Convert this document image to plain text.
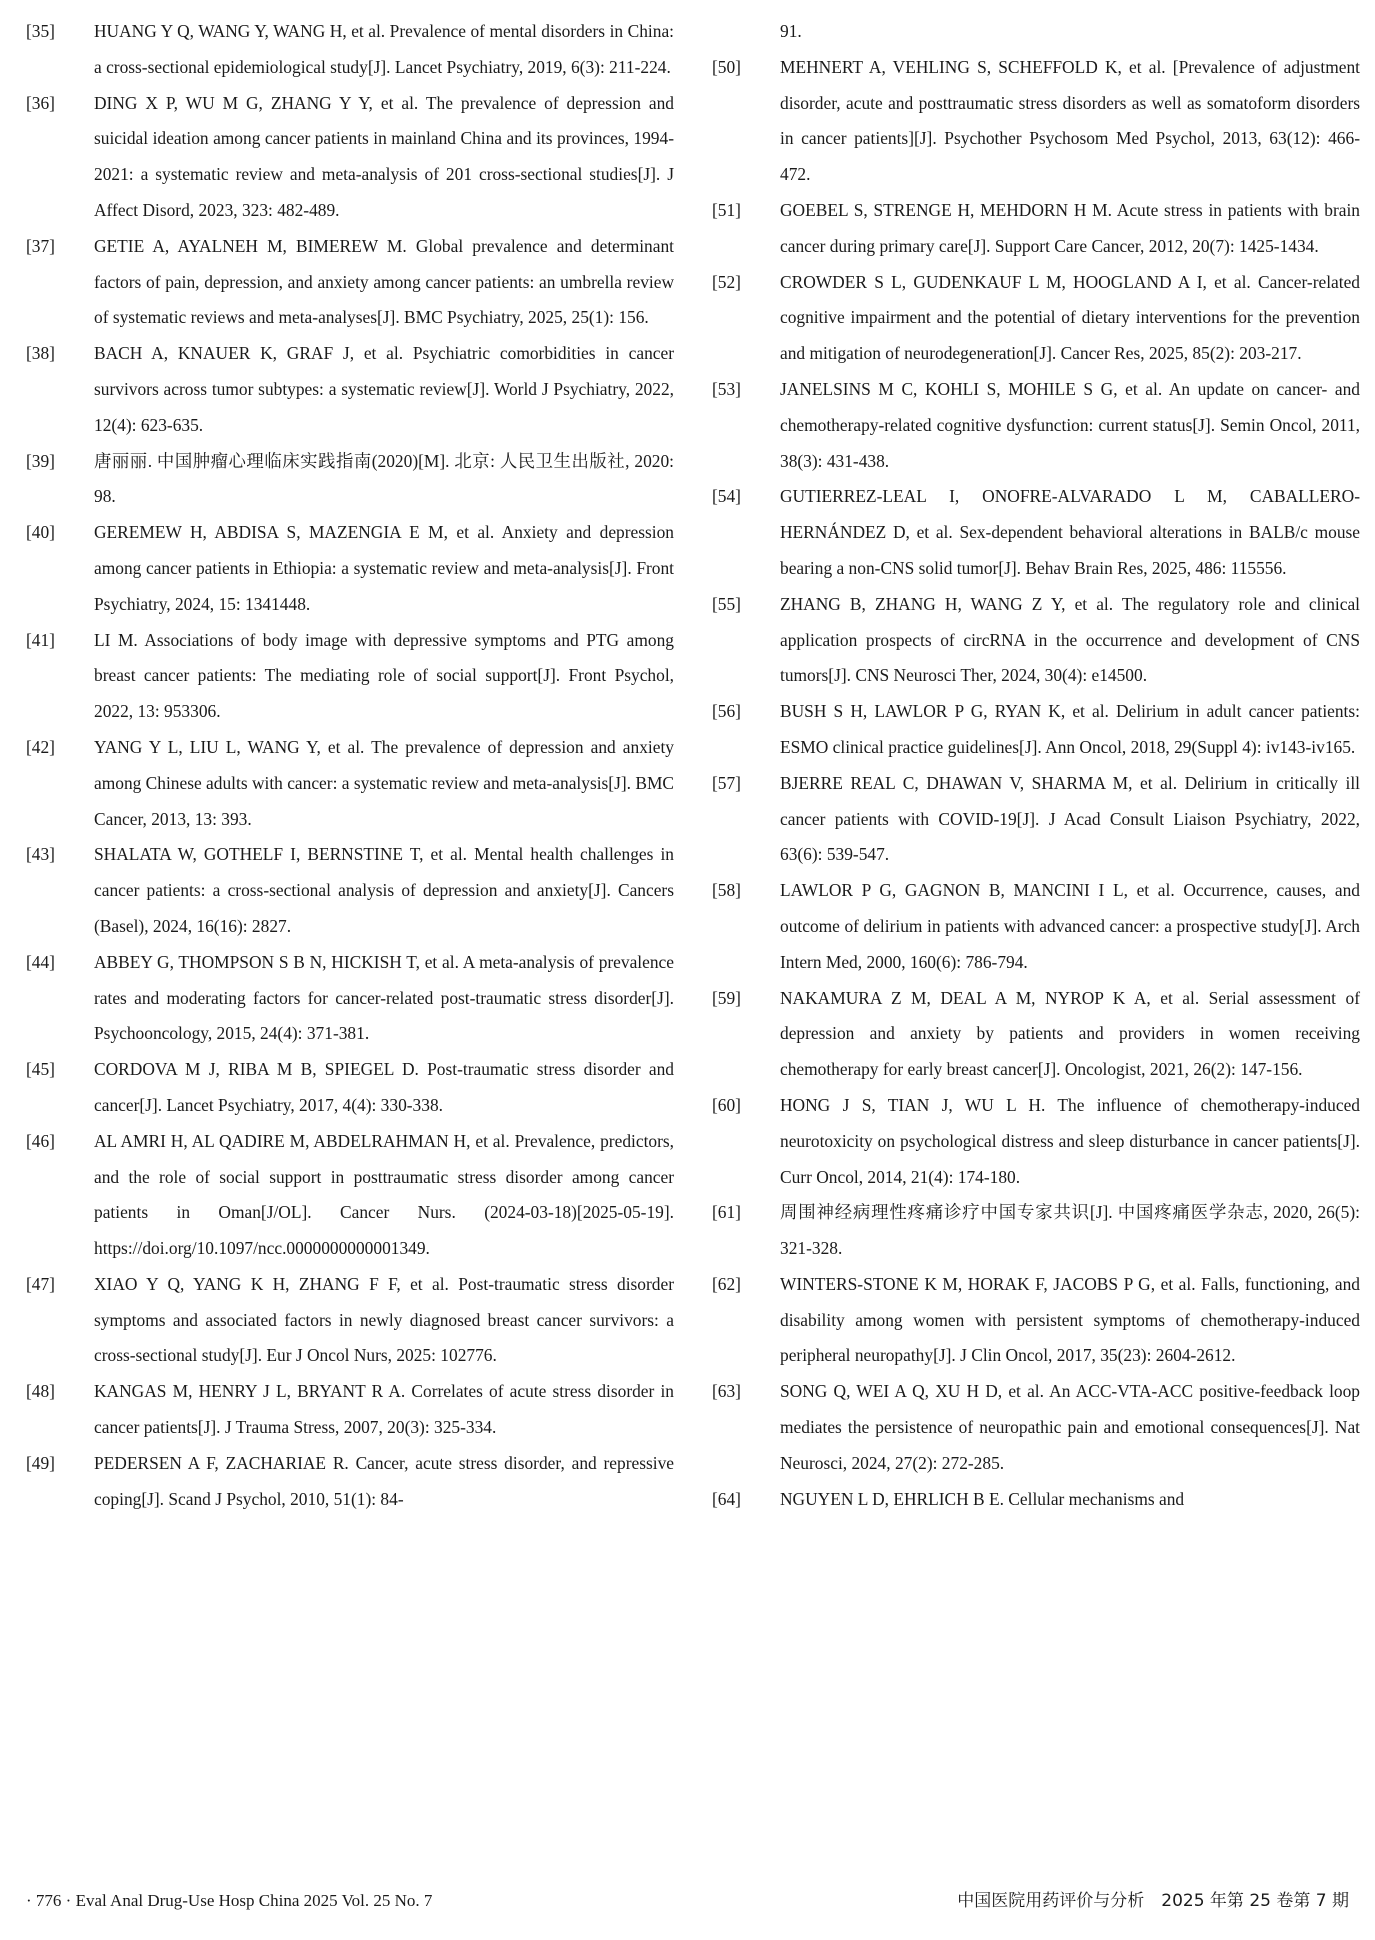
[35] HUANG Y Q, WANG Y, WANG H, et al. Prevalence of mental disorders in China: a cross-sectional epidemiological study[J]. Lancet Psychiatry, 2019, 6(3): 211-224.

[36] DING X P, WU M G, ZHANG Y Y, et al. The prevalence of depression and suicidal ideation among cancer patients in mainland China and its provinces, 1994-2021: a systematic review and meta-analysis of 201 cross-sectional studies[J]. J Affect Disord, 2023, 323: 482-489.

[37] GETIE A, AYALNEH M, BIMEREW M. Global prevalence and determinant factors of pain, depression, and anxiety among cancer patients: an umbrella review of systematic reviews and meta-analyses[J]. BMC Psychiatry, 2025, 25(1): 156.

[38] BACH A, KNAUER K, GRAF J, et al. Psychiatric comorbidities in cancer survivors across tumor subtypes: a systematic review[J]. World J Psychiatry, 2022, 12(4): 623-635.

[39] 唐丽丽. 中国肿瘤心理临床实践指南(2020)[M]. 北京: 人民卫生出版社, 2020: 98.

[40] GEREMEW H, ABDISA S, MAZENGIA E M, et al. Anxiety and depression among cancer patients in Ethiopia: a systematic review and meta-analysis[J]. Front Psychiatry, 2024, 15: 1341448.

[41] LI M. Associations of body image with depressive symptoms and PTG among breast cancer patients: The mediating role of social support[J]. Front Psychol, 2022, 13: 953306.

[42] YANG Y L, LIU L, WANG Y, et al. The prevalence of depression and anxiety among Chinese adults with cancer: a systematic review and meta-analysis[J]. BMC Cancer, 2013, 13: 393.

[43] SHALATA W, GOTHELF I, BERNSTINE T, et al. Mental health challenges in cancer patients: a cross-sectional analysis of depression and anxiety[J]. Cancers (Basel), 2024, 16(16): 2827.

[44] ABBEY G, THOMPSON S B N, HICKISH T, et al. A meta-analysis of prevalence rates and moderating factors for cancer-related post-traumatic stress disorder[J]. Psychooncology, 2015, 24(4): 371-381.

[45] CORDOVA M J, RIBA M B, SPIEGEL D. Post-traumatic stress disorder and cancer[J]. Lancet Psychiatry, 2017, 4(4): 330-338.

[46] AL AMRI H, AL QADIRE M, ABDELRAHMAN H, et al. Prevalence, predictors, and the role of social support in posttraumatic stress disorder among cancer patients in Oman[J/OL]. Cancer Nurs. (2024-03-18)[2025-05-19]. https://doi.org/10.1097/ncc.0000000000001349.

[47] XIAO Y Q, YANG K H, ZHANG F F, et al. Post-traumatic stress disorder symptoms and associated factors in newly diagnosed breast cancer survivors: a cross-sectional study[J]. Eur J Oncol Nurs, 2025: 102776.

[48] KANGAS M, HENRY J L, BRYANT R A. Correlates of acute stress disorder in cancer patients[J]. J Trauma Stress, 2007, 20(3): 325-334.

[49] PEDERSEN A F, ZACHARIAE R. Cancer, acute stress disorder, and repressive coping[J]. Scand J Psychol, 2010, 51(1): 84-

91.

[50] MEHNERT A, VEHLING S, SCHEFFOLD K, et al. [Prevalence of adjustment disorder, acute and posttraumatic stress disorders as well as somatoform disorders in cancer patients][J]. Psychother Psychosom Med Psychol, 2013, 63(12): 466-472.

[51] GOEBEL S, STRENGE H, MEHDORN H M. Acute stress in patients with brain cancer during primary care[J]. Support Care Cancer, 2012, 20(7): 1425-1434.

[52] CROWDER S L, GUDENKAUF L M, HOOGLAND A I, et al. Cancer-related cognitive impairment and the potential of dietary interventions for the prevention and mitigation of neurodegeneration[J]. Cancer Res, 2025, 85(2): 203-217.

[53] JANELSINS M C, KOHLI S, MOHILE S G, et al. An update on cancer- and chemotherapy-related cognitive dysfunction: current status[J]. Semin Oncol, 2011, 38(3): 431-438.

[54] GUTIERREZ-LEAL I, ONOFRE-ALVARADO L M, CABALLERO-HERNÁNDEZ D, et al. Sex-dependent behavioral alterations in BALB/c mouse bearing a non-CNS solid tumor[J]. Behav Brain Res, 2025, 486: 115556.

[55] ZHANG B, ZHANG H, WANG Z Y, et al. The regulatory role and clinical application prospects of circRNA in the occurrence and development of CNS tumors[J]. CNS Neurosci Ther, 2024, 30(4): e14500.

[56] BUSH S H, LAWLOR P G, RYAN K, et al. Delirium in adult cancer patients: ESMO clinical practice guidelines[J]. Ann Oncol, 2018, 29(Suppl 4): iv143-iv165.

[57] BJERRE REAL C, DHAWAN V, SHARMA M, et al. Delirium in critically ill cancer patients with COVID-19[J]. J Acad Consult Liaison Psychiatry, 2022, 63(6): 539-547.

[58] LAWLOR P G, GAGNON B, MANCINI I L, et al. Occurrence, causes, and outcome of delirium in patients with advanced cancer: a prospective study[J]. Arch Intern Med, 2000, 160(6): 786-794.

[59] NAKAMURA Z M, DEAL A M, NYROP K A, et al. Serial assessment of depression and anxiety by patients and providers in women receiving chemotherapy for early breast cancer[J]. Oncologist, 2021, 26(2): 147-156.

[60] HONG J S, TIAN J, WU L H. The influence of chemotherapy-induced neurotoxicity on psychological distress and sleep disturbance in cancer patients[J]. Curr Oncol, 2014, 21(4): 174-180.

[61] 周围神经病理性疼痛诊疗中国专家共识[J]. 中国疼痛医学杂志, 2020, 26(5): 321-328.

[62] WINTERS-STONE K M, HORAK F, JACOBS P G, et al. Falls, functioning, and disability among women with persistent symptoms of chemotherapy-induced peripheral neuropathy[J]. J Clin Oncol, 2017, 35(23): 2604-2612.

[63] SONG Q, WEI A Q, XU H D, et al. An ACC-VTA-ACC positive-feedback loop mediates the persistence of neuropathic pain and emotional consequences[J]. Nat Neurosci, 2024, 27(2): 272-285.

[64] NGUYEN L D, EHRLICH B E. Cellular mechanisms and

· 776 · Eval Anal Drug-Use Hosp China 2025 Vol. 25 No. 7	中国医院用药评价与分析　2025 年第 25 卷第 7 期
